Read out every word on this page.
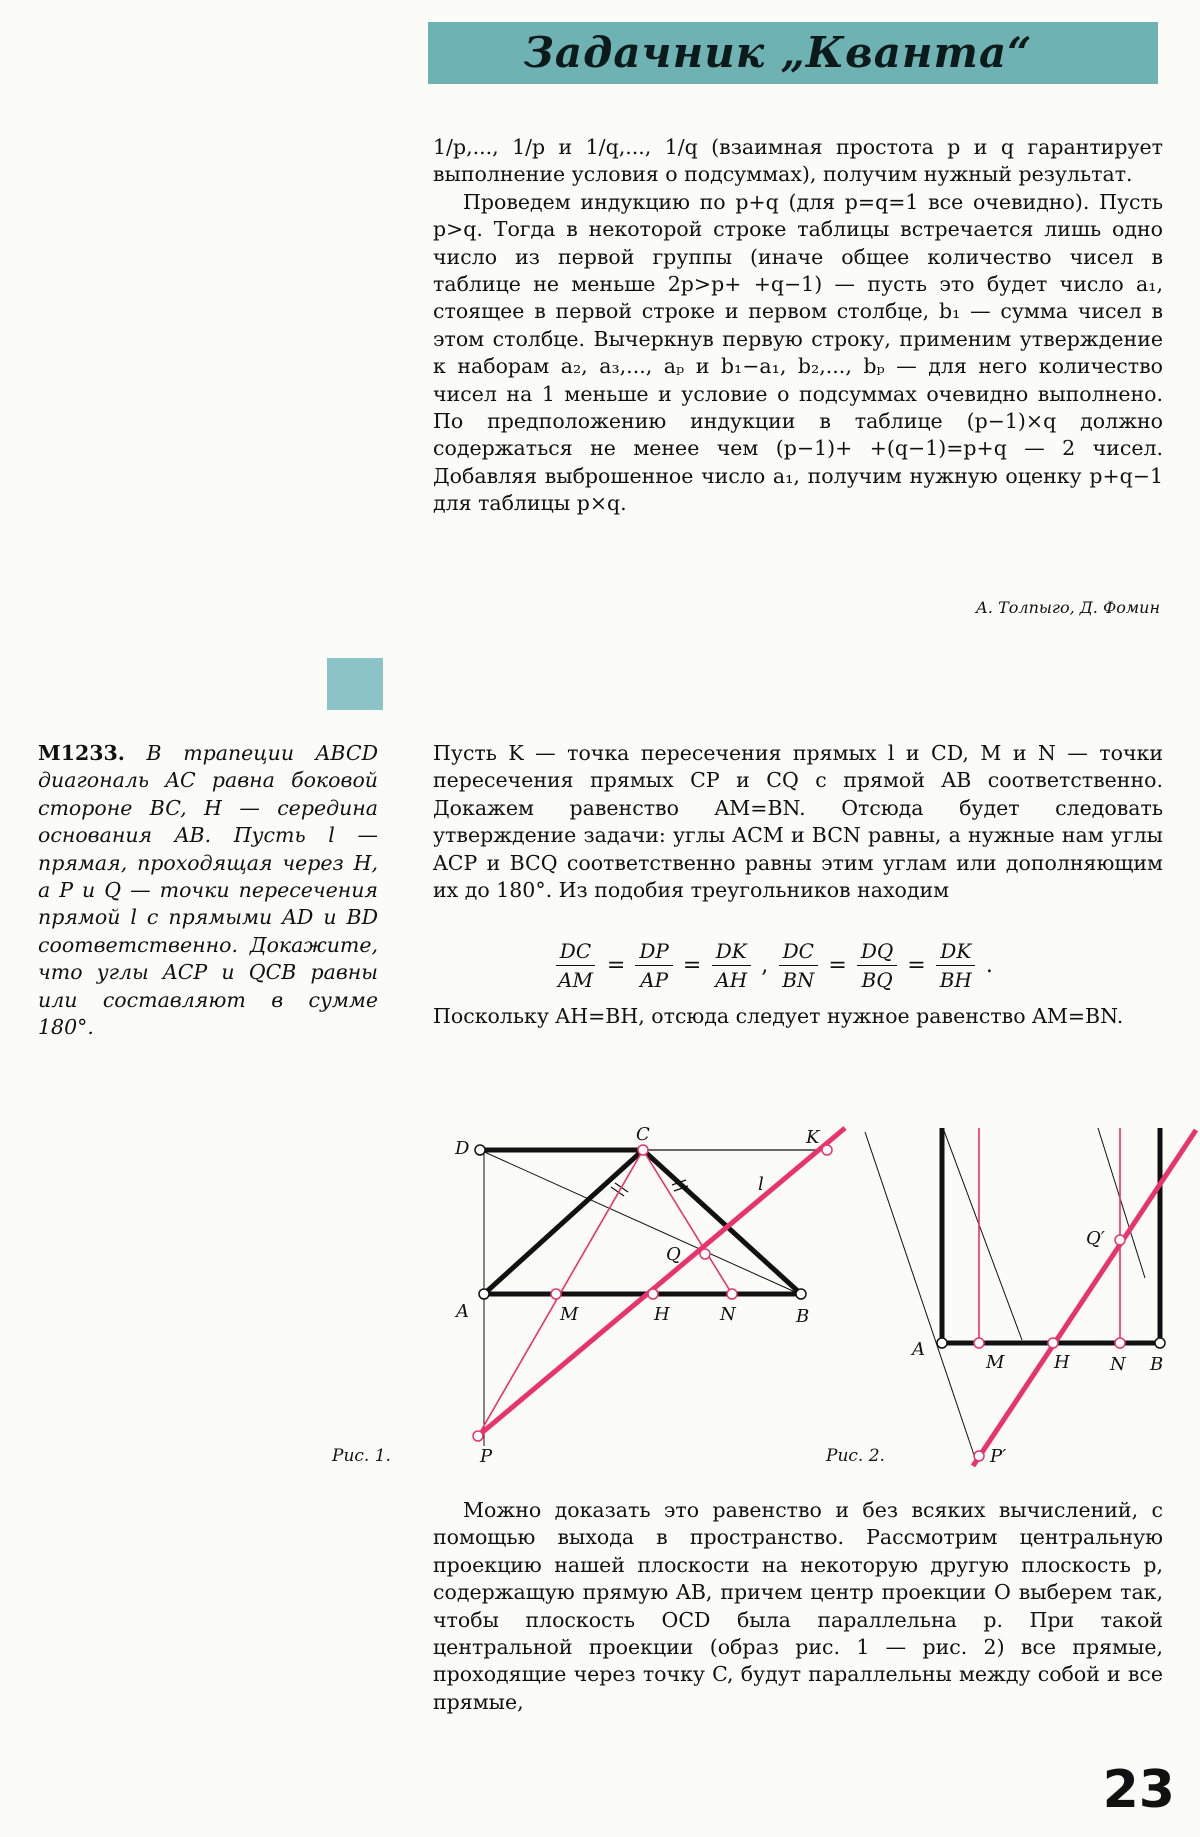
Задачник „Кванта“

1/p,..., 1/p и 1/q,..., 1/q (взаимная простота p и q гарантирует выполнение условия о подсуммах), получим нужный результат.

Проведем индукцию по p+q (для p=q=1 все очевидно). Пусть p>q. Тогда в некоторой строке таблицы встречается лишь одно число из первой группы (иначе общее количество чисел в таблице не меньше 2p>p+ +q−1) — пусть это будет число a₁, стоящее в первой строке и первом столбце, b₁ — сумма чисел в этом столбце. Вычеркнув первую строку, применим утверждение к наборам a₂, a₃,..., aₚ и b₁−a₁, b₂,..., bₚ — для него количество чисел на 1 меньше и условие о подсуммах очевидно выполнено. По предположению индукции в таблице (p−1)×q должно содержаться не менее чем (p−1)+ +(q−1)=p+q — 2 чисел. Добавляя выброшенное число a₁, получим нужную оценку p+q−1 для таблицы p×q.

А. Толпыго, Д. Фомин
М1233. В трапеции ABCD диагональ AC равна боковой стороне BC, H — середина основания AB. Пусть l — прямая, проходящая через H, а P и Q — точки пересечения прямой l с прямыми AD и BD соответственно. Докажите, что углы ACP и QCB равны или составляют в сумме 180°.

Пусть K — точка пересечения прямых l и CD, M и N — точки пересечения прямых CP и CQ с прямой AB соответственно. Докажем равенство AM=BN. Отсюда будет следовать утверждение задачи: углы ACM и BCN равны, а нужные нам углы ACP и BCQ соответственно равны этим углам или дополняющим их до 180°. Из подобия треугольников находим

$\frac{DC}{AM} = \frac{DP}{AP} = \frac{DK}{AH}$ , $\frac{DC}{BN} = \frac{DQ}{BQ} = \frac{DK}{BH}$ .

Поскольку AH=BH, отсюда следует нужное равенство AM=BN.

D
C	K
l
Q
A	M	H	N	B
P
Q′
A
M	H N B
P′
Рис. 1.	Рис. 2.

Можно доказать это равенство и без всяких вычислений, с помощью выхода в пространство. Рассмотрим центральную проекцию нашей плоскости на некоторую другую плоскость p, содержащую прямую AB, причем центр проекции O выберем так, чтобы плоскость OCD была параллельна p. При такой центральной проекции (образ рис. 1 — рис. 2) все прямые, проходящие через точку C, будут параллельны между собой и все прямые,

23
